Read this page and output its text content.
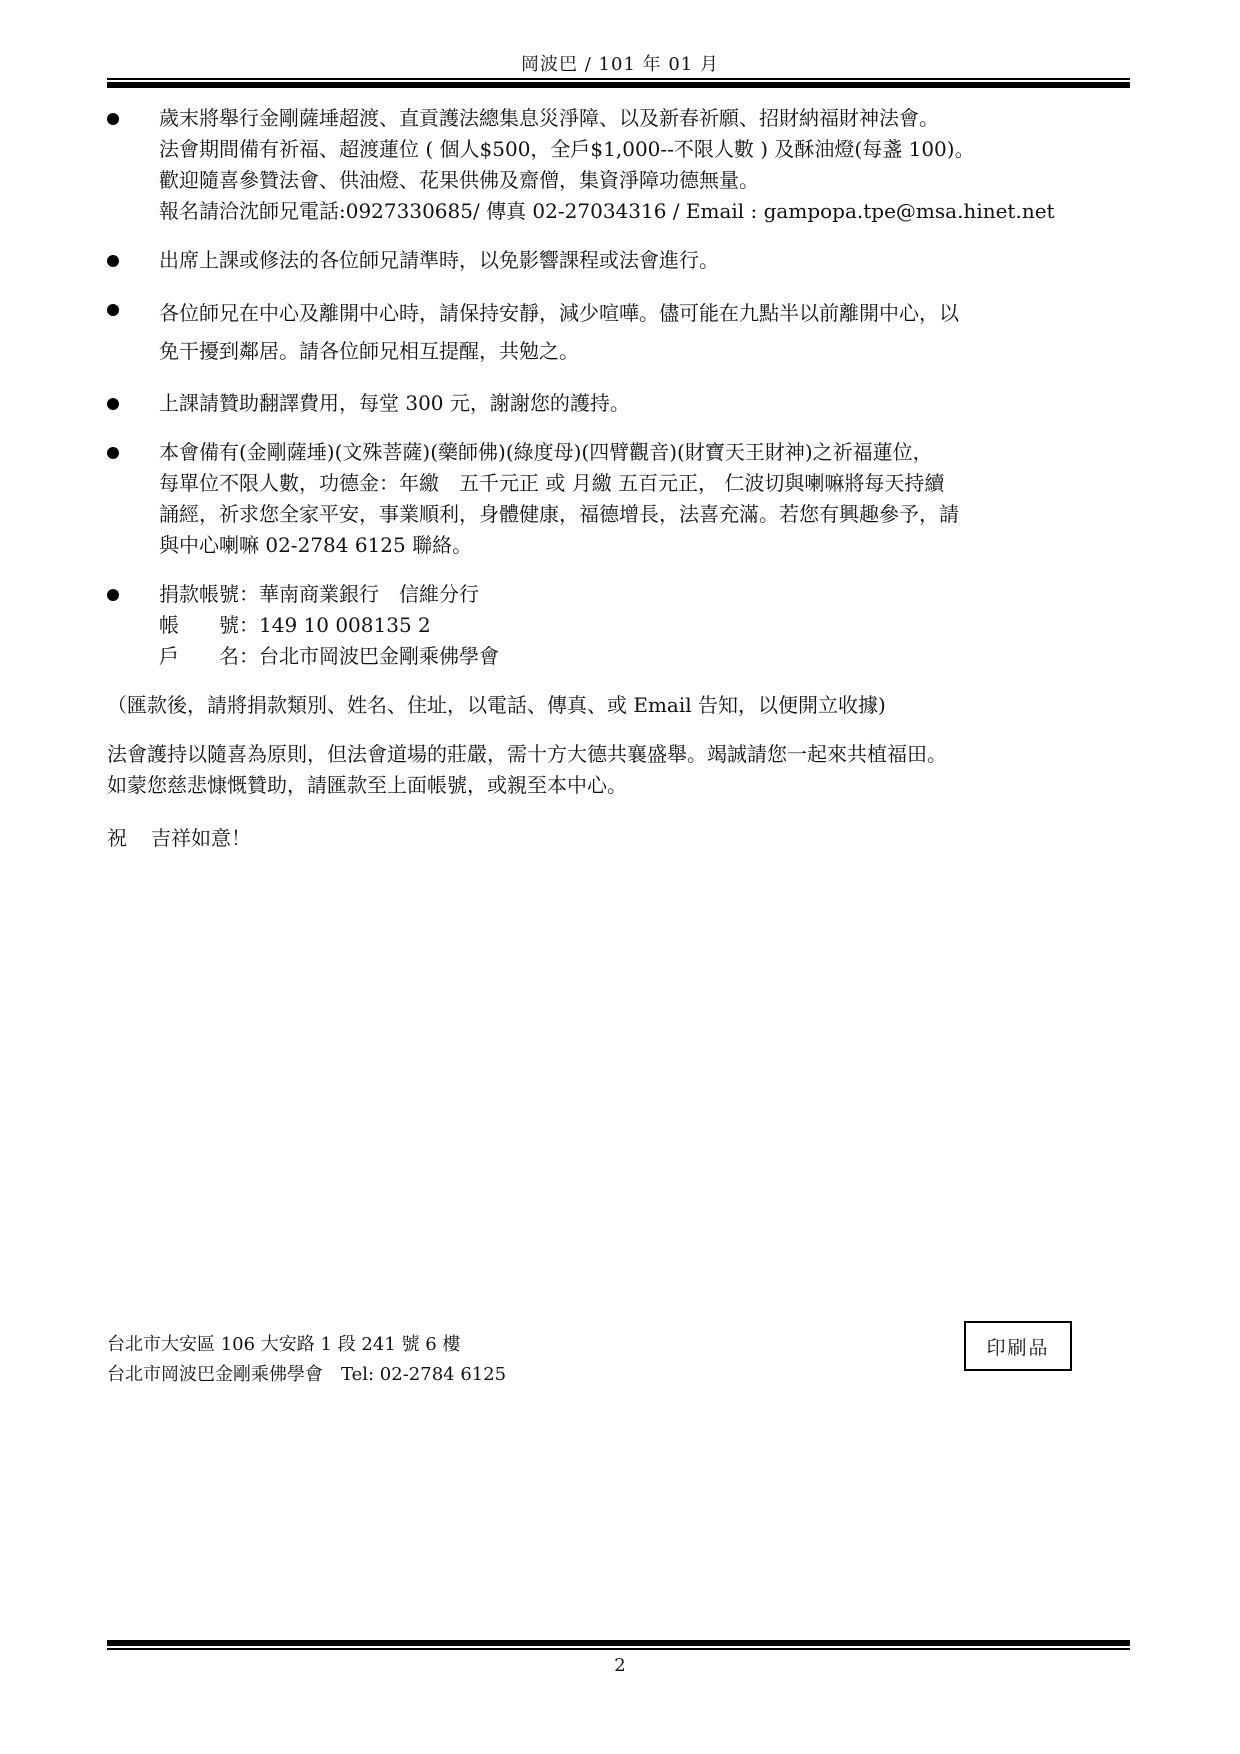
岡波巴 / 101 年 01 月
歲末將舉行金剛薩埵超渡、直貢護法總集息災淨障、以及新春祈願、招財納福財神法會。
法會期間備有祈福、超渡蓮位 ( 個人$500，全戶$1,000--不限人數 ) 及酥油燈(每盞 100)。
歡迎隨喜參贊法會、供油燈、花果供佛及齋僧，集資淨障功德無量。
報名請洽沈師兄電話:0927330685/ 傳真 02-27034316 / Email : gampopa.tpe@msa.hinet.net
出席上課或修法的各位師兄請準時，以免影響課程或法會進行。
各位師兄在中心及離開中心時，請保持安靜，減少喧嘩。儘可能在九點半以前離開中心，以
免干擾到鄰居。請各位師兄相互提醒，共勉之。
上課請贊助翻譯費用，每堂 300 元，謝謝您的護持。
本會備有(金剛薩埵)(文殊菩薩)(藥師佛)(綠度母)(四臂觀音)(財寶天王財神)之祈福蓮位，
每單位不限人數，功德金：年繳　五千元正 或 月繳 五百元正， 仁波切與喇嘛將每天持續
誦經，祈求您全家平安，事業順利，身體健康，福德增長，法喜充滿。若您有興趣參予，請
與中心喇嘛 02-2784 6125 聯絡。
捐款帳號：華南商業銀行　信維分行
帳　　號：149 10 008135 2
戶　　名：台北市岡波巴金剛乘佛學會
（匯款後，請將捐款類別、姓名、住址，以電話、傳真、或 Email 告知，以便開立收據)
法會護持以隨喜為原則，但法會道場的莊嚴，需十方大德共襄盛舉。竭誠請您一起來共植福田。
如蒙您慈悲慷慨贊助，請匯款至上面帳號，或親至本中心。
祝 吉祥如意！
台北市大安區 106 大安路 1 段 241 號 6 樓
台北市岡波巴金剛乘佛學會　Tel: 02-2784 6125
印刷品
2
